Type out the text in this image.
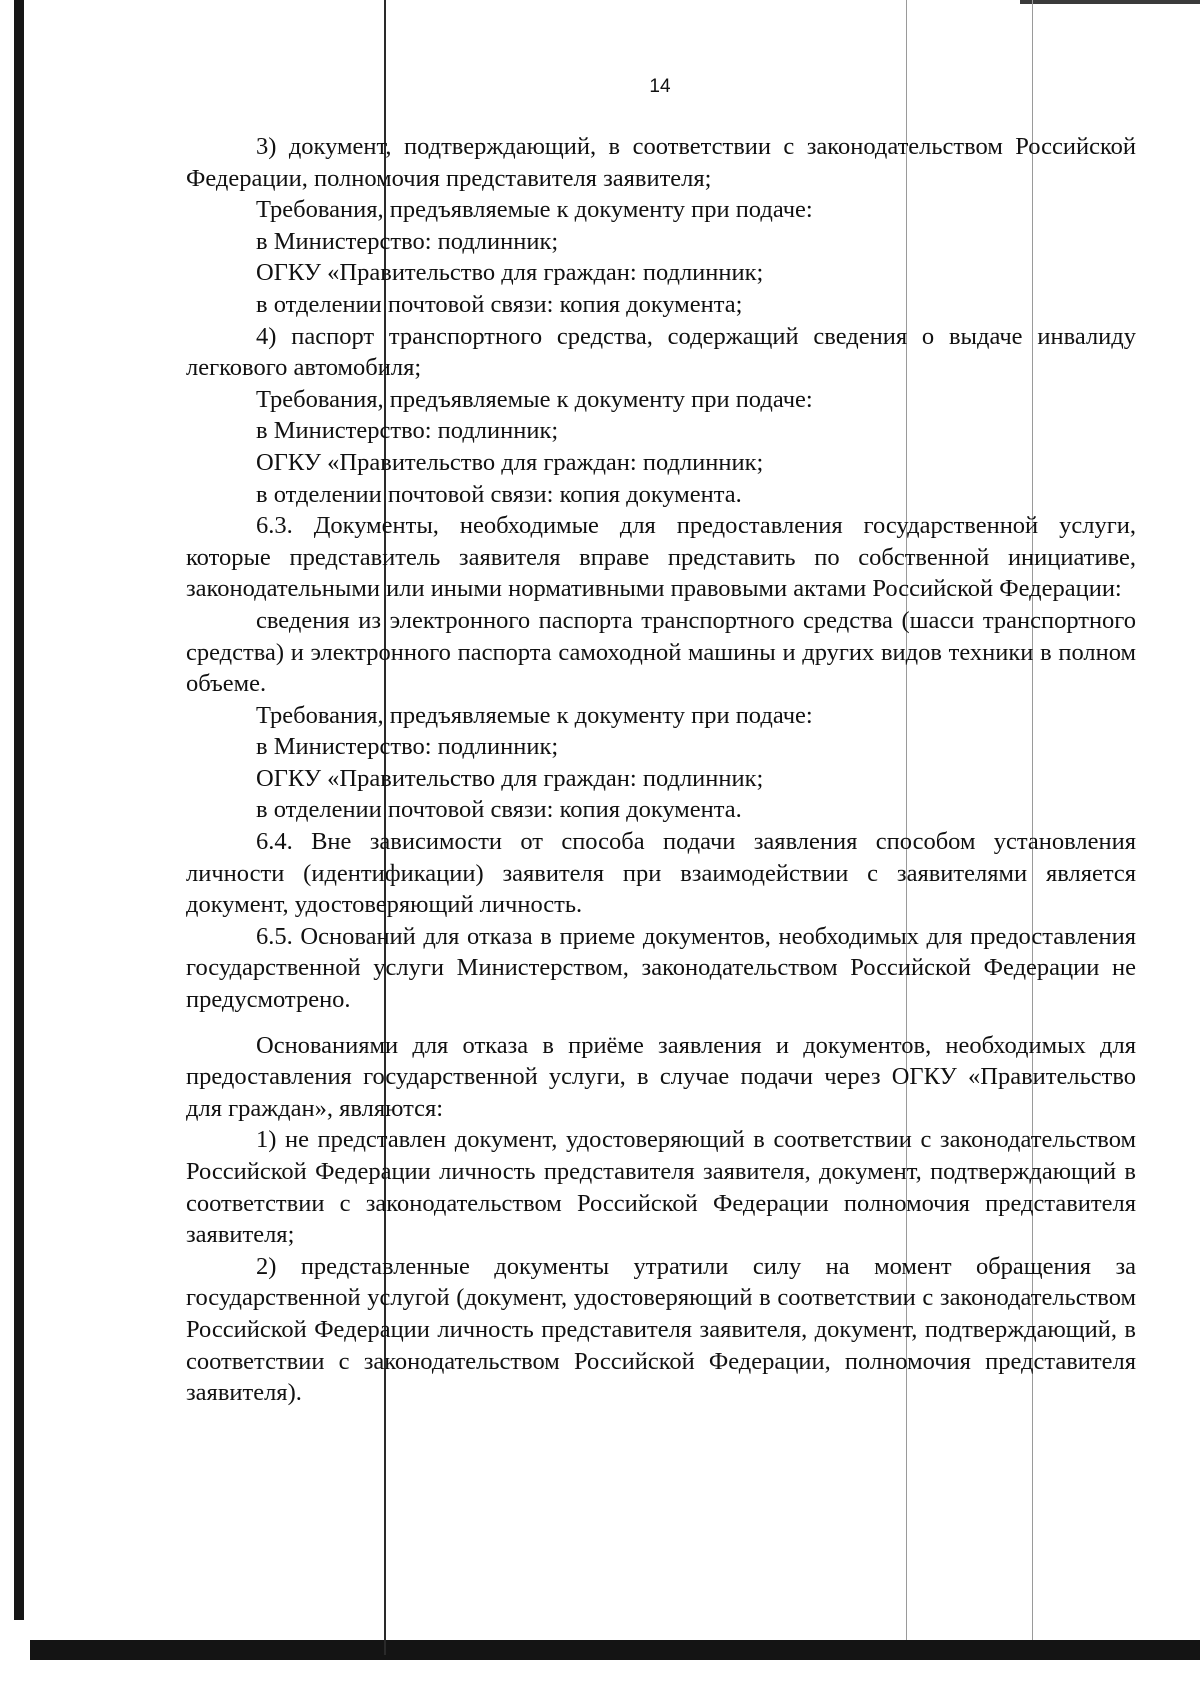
14

3) документ, подтверждающий, в соответствии с законодательством Российской Федерации, полномочия представителя заявителя;

Требования, предъявляемые к документу при подаче:

в Министерство: подлинник;

ОГКУ «Правительство для граждан: подлинник;

в отделении почтовой связи: копия документа;

4) паспорт транспортного средства, содержащий сведения о выдаче инвалиду легкового автомобиля;

Требования, предъявляемые к документу при подаче:

в Министерство: подлинник;

ОГКУ «Правительство для граждан: подлинник;

в отделении почтовой связи: копия документа.

6.3. Документы, необходимые для предоставления государственной услуги, которые представитель заявителя вправе представить по собственной инициативе, законодательными или иными нормативными правовыми актами Российской Федерации:

сведения из электронного паспорта транспортного средства (шасси транспортного средства) и электронного паспорта самоходной машины и других видов техники в полном объеме.

Требования, предъявляемые к документу при подаче:

в Министерство: подлинник;

ОГКУ «Правительство для граждан: подлинник;

в отделении почтовой связи: копия документа.

6.4. Вне зависимости от способа подачи заявления способом установления личности (идентификации) заявителя при взаимодействии с заявителями является документ, удостоверяющий личность.

6.5. Оснований для отказа в приеме документов, необходимых для предоставления государственной услуги Министерством, законодательством Российской Федерации не предусмотрено.

Основаниями для отказа в приёме заявления и документов, необходимых для предоставления государственной услуги, в случае подачи через ОГКУ «Правительство для граждан», являются:

1) не представлен документ, удостоверяющий в соответствии с законодательством Российской Федерации личность представителя заявителя, документ, подтверждающий в соответствии с законодательством Российской Федерации полномочия представителя заявителя;

2) представленные документы утратили силу на момент обращения за государственной услугой (документ, удостоверяющий в соответствии с законодательством Российской Федерации личность представителя заявителя, документ, подтверждающий, в соответствии с законодательством Российской Федерации, полномочия представителя заявителя).
